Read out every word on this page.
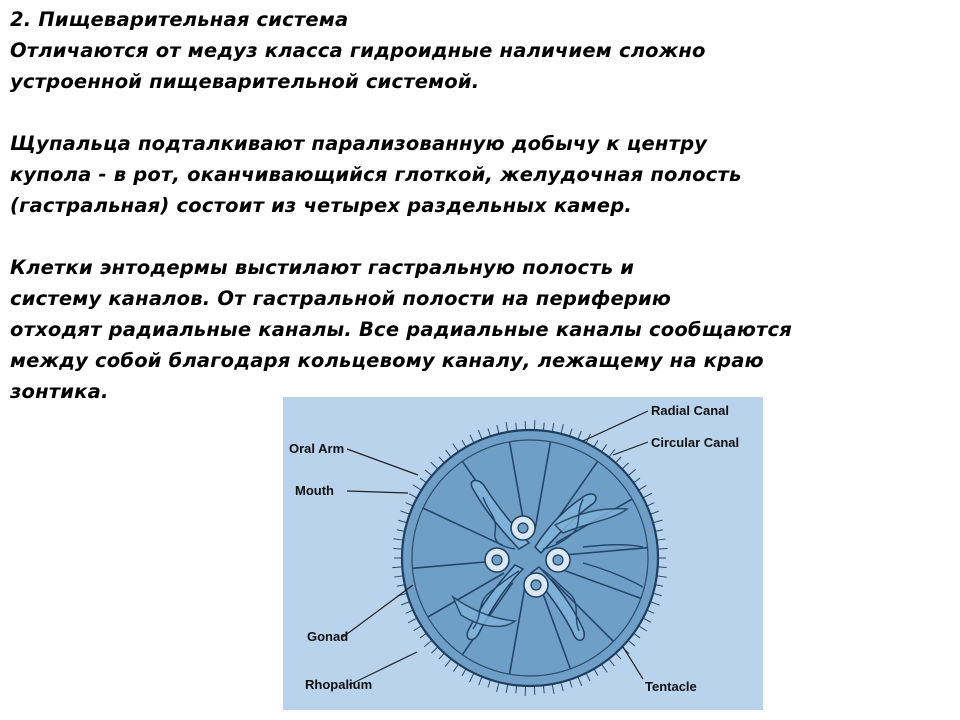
2. Пищеварительная система
Отличаются от медуз класса гидроидные наличием сложно
устроенной пищеварительной системой.

Щупальца подталкивают парализованную добычу к центру
купола - в рот, оканчивающийся глоткой, желудочная полость
(гастральная) состоит из четырех раздельных камер.

Клетки энтодермы выстилают гастральную полость и
систему каналов. От гастральной полости на периферию
отходят радиальные каналы. Все радиальные каналы сообщаются
между собой благодаря кольцевому каналу, лежащему на краю
зонтика.

Radial Canal
Circular Canal
Oral Arm
Mouth
Gonad
Rhopalium	Tentacle
